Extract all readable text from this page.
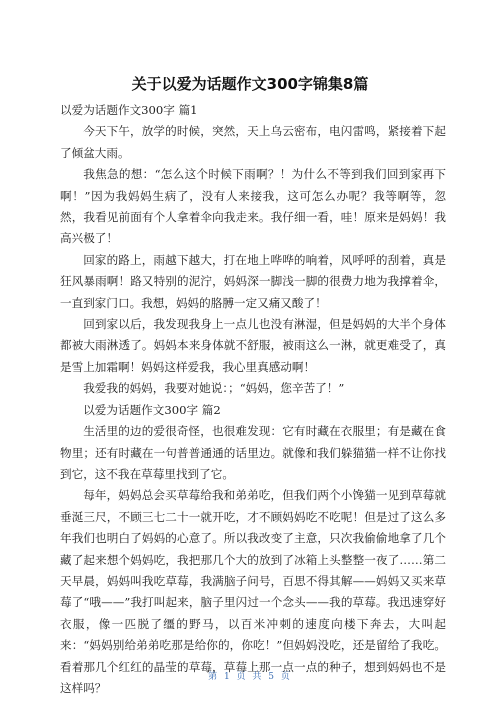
关于以爱为话题作文300字锦集8篇

以爱为话题作文300字 篇1

今天下午，放学的时候，突然，天上乌云密布，电闪雷鸣，紧接着下起了倾盆大雨。

我焦急的想：“怎么这个时候下雨啊？！为什么不等到我们回到家再下啊！”因为我妈妈生病了，没有人来接我，这可怎么办呢？我等啊等，忽然，我看见前面有个人拿着伞向我走来。我仔细一看，哇！原来是妈妈！我高兴极了！

回家的路上，雨越下越大，打在地上哗哗的响着，风呼呼的刮着，真是狂风暴雨啊！路又特别的泥泞，妈妈深一脚浅一脚的很费力地为我撑着伞，一直到家门口。我想，妈妈的胳膊一定又痛又酸了！

回到家以后，我发现我身上一点儿也没有淋湿，但是妈妈的大半个身体都被大雨淋透了。妈妈本来身体就不舒服，被雨这么一淋，就更难受了，真是雪上加霜啊！妈妈这样爱我，我心里真感动啊！

我爱我的妈妈，我要对她说：；“妈妈，您辛苦了！”

以爱为话题作文300字 篇2

生活里的边的爱很奇怪，也很难发现：它有时藏在衣服里；有是藏在食物里；还有时藏在一句普普通通的话里边。就像和我们躲猫猫一样不让你找到它，这不我在草莓里找到了它。

每年，妈妈总会买草莓给我和弟弟吃，但我们两个小馋猫一见到草莓就垂涎三尺，不顾三七二十一就开吃，才不顾妈妈吃不吃呢！但是过了这么多年我们也明白了妈妈的心意了。所以我改变了主意，只次我偷偷地拿了几个藏了起来想个妈妈吃，我把那几个大的放到了冰箱上头整整一夜了……第二天早晨，妈妈叫我吃草莓，我满脑子问号，百思不得其解——妈妈又买来草莓了“哦——”我打叫起来，脑子里闪过一个念头——我的草莓。我迅速穿好衣服，像一匹脱了缰的野马，以百米冲刺的速度向楼下奔去，大叫起来：“妈妈别给弟弟吃那是给你的，你吃！”但妈妈没吃，还是留给了我吃。看着那几个红红的晶莹的草莓，草莓上那一点一点的种子，想到妈妈也不是这样吗？

第 1 页 共 5 页
